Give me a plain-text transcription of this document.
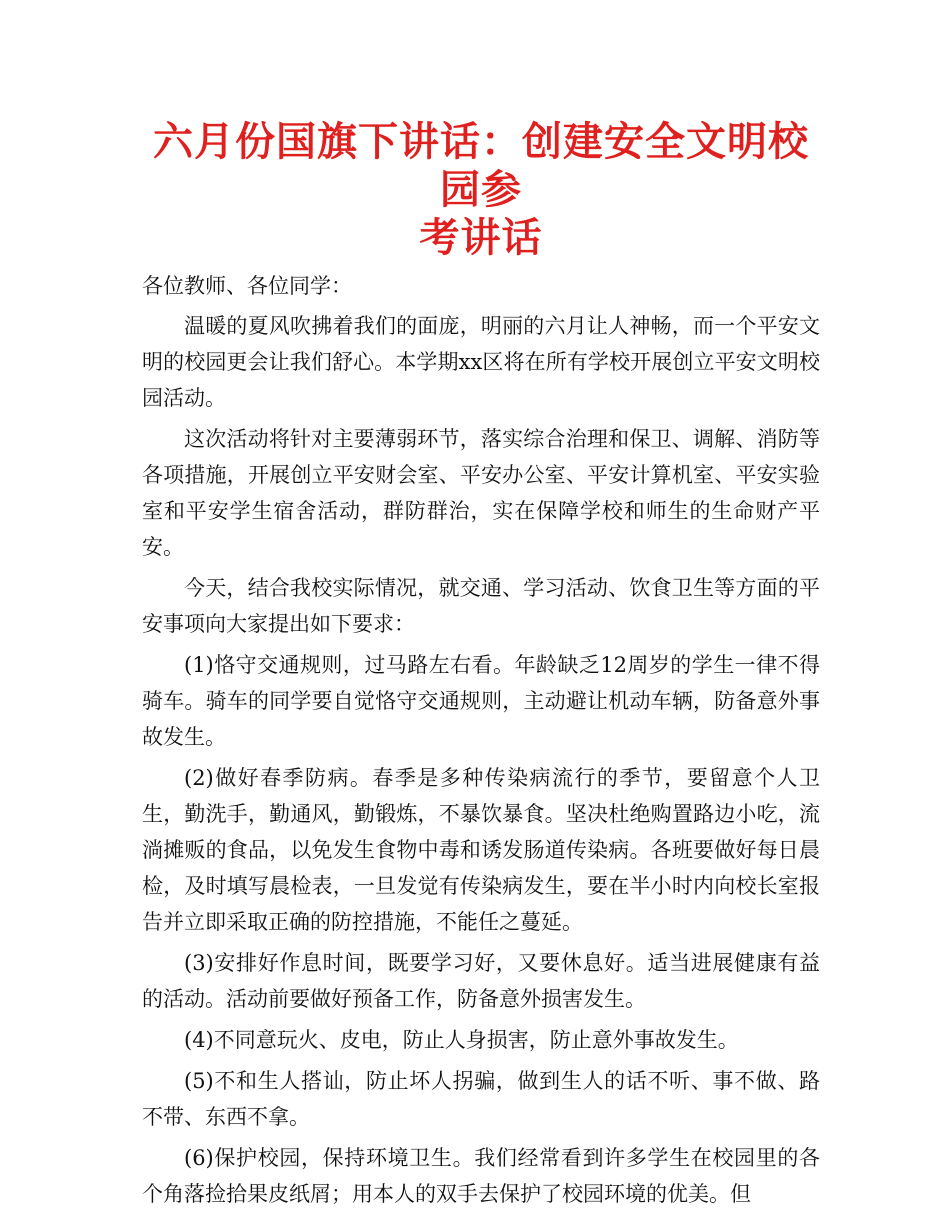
六月份国旗下讲话：创建安全文明校园参
考讲话

各位教师、各位同学：

温暖的夏风吹拂着我们的面庞，明丽的六月让人神畅，而一个平安文明的校园更会让我们舒心。本学期xx区将在所有学校开展创立平安文明校园活动。

这次活动将针对主要薄弱环节，落实综合治理和保卫、调解、消防等各项措施，开展创立平安财会室、平安办公室、平安计算机室、平安实验室和平安学生宿舍活动，群防群治，实在保障学校和师生的生命财产平安。

今天，结合我校实际情况，就交通、学习活动、饮食卫生等方面的平安事项向大家提出如下要求：

(1)恪守交通规则，过马路左右看。年龄缺乏12周岁的学生一律不得骑车。骑车的同学要自觉恪守交通规则，主动避让机动车辆，防备意外事故发生。

(2)做好春季防病。春季是多种传染病流行的季节，要留意个人卫生，勤洗手，勤通风，勤锻炼，不暴饮暴食。坚决杜绝购置路边小吃，流淌摊贩的食品，以免发生食物中毒和诱发肠道传染病。各班要做好每日晨检，及时填写晨检表，一旦发觉有传染病发生，要在半小时内向校长室报告并立即采取正确的防控措施，不能任之蔓延。

(3)安排好作息时间，既要学习好，又要休息好。适当进展健康有益的活动。活动前要做好预备工作，防备意外损害发生。

(4)不同意玩火、皮电，防止人身损害，防止意外事故发生。

(5)不和生人搭讪，防止坏人拐骗，做到生人的话不听、事不做、路不带、东西不拿。

(6)保护校园，保持环境卫生。我们经常看到许多学生在校园里的各个角落捡拾果皮纸屑；用本人的双手去保护了校园环境的优美。但
